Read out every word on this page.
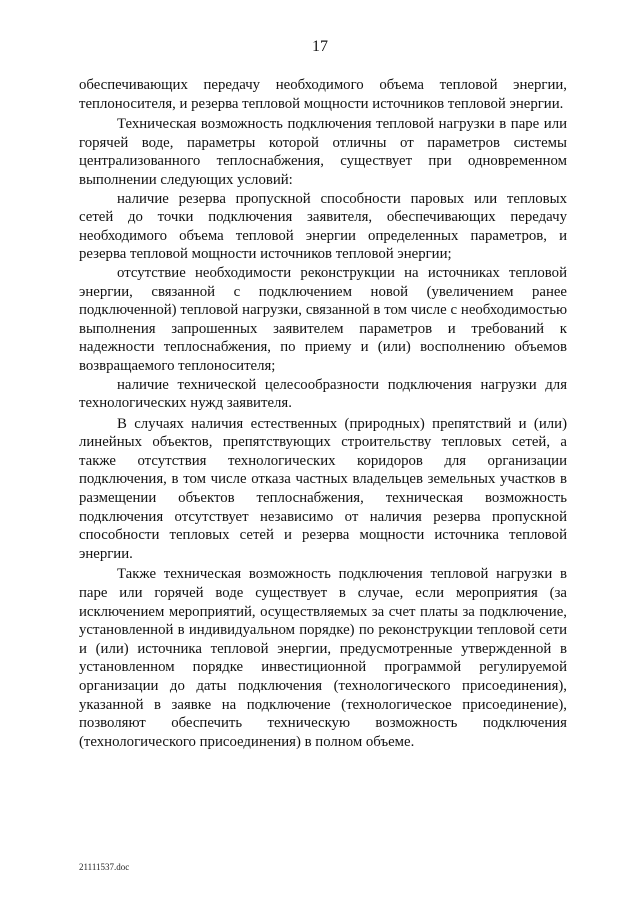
17

обеспечивающих передачу необходимого объема тепловой энергии, теплоносителя, и резерва тепловой мощности источников тепловой энергии.

Техническая возможность подключения тепловой нагрузки в паре или горячей воде, параметры которой отличны от параметров системы централизованного теплоснабжения, существует при одновременном выполнении следующих условий:

наличие резерва пропускной способности паровых или тепловых сетей до точки подключения заявителя, обеспечивающих передачу необходимого объема тепловой энергии определенных параметров, и резерва тепловой мощности источников тепловой энергии;

отсутствие необходимости реконструкции на источниках тепловой энергии, связанной с подключением новой (увеличением ранее подключенной) тепловой нагрузки, связанной в том числе с необходимостью выполнения запрошенных заявителем параметров и требований к надежности теплоснабжения, по приему и (или) восполнению объемов возвращаемого теплоносителя;

наличие технической целесообразности подключения нагрузки для технологических нужд заявителя.

В случаях наличия естественных (природных) препятствий и (или) линейных объектов, препятствующих строительству тепловых сетей, а также отсутствия технологических коридоров для организации подключения, в том числе отказа частных владельцев земельных участков в размещении объектов теплоснабжения, техническая возможность подключения отсутствует независимо от наличия резерва пропускной способности тепловых сетей и резерва мощности источника тепловой энергии.

Также техническая возможность подключения тепловой нагрузки в паре или горячей воде существует в случае, если мероприятия (за исключением мероприятий, осуществляемых за счет платы за подключение, установленной в индивидуальном порядке) по реконструкции тепловой сети и (или) источника тепловой энергии, предусмотренные утвержденной в установленном порядке инвестиционной программой регулируемой организации до даты подключения (технологического присоединения), указанной в заявке на подключение (технологическое присоединение), позволяют обеспечить техническую возможность подключения (технологического присоединения) в полном объеме.

21111537.doc
